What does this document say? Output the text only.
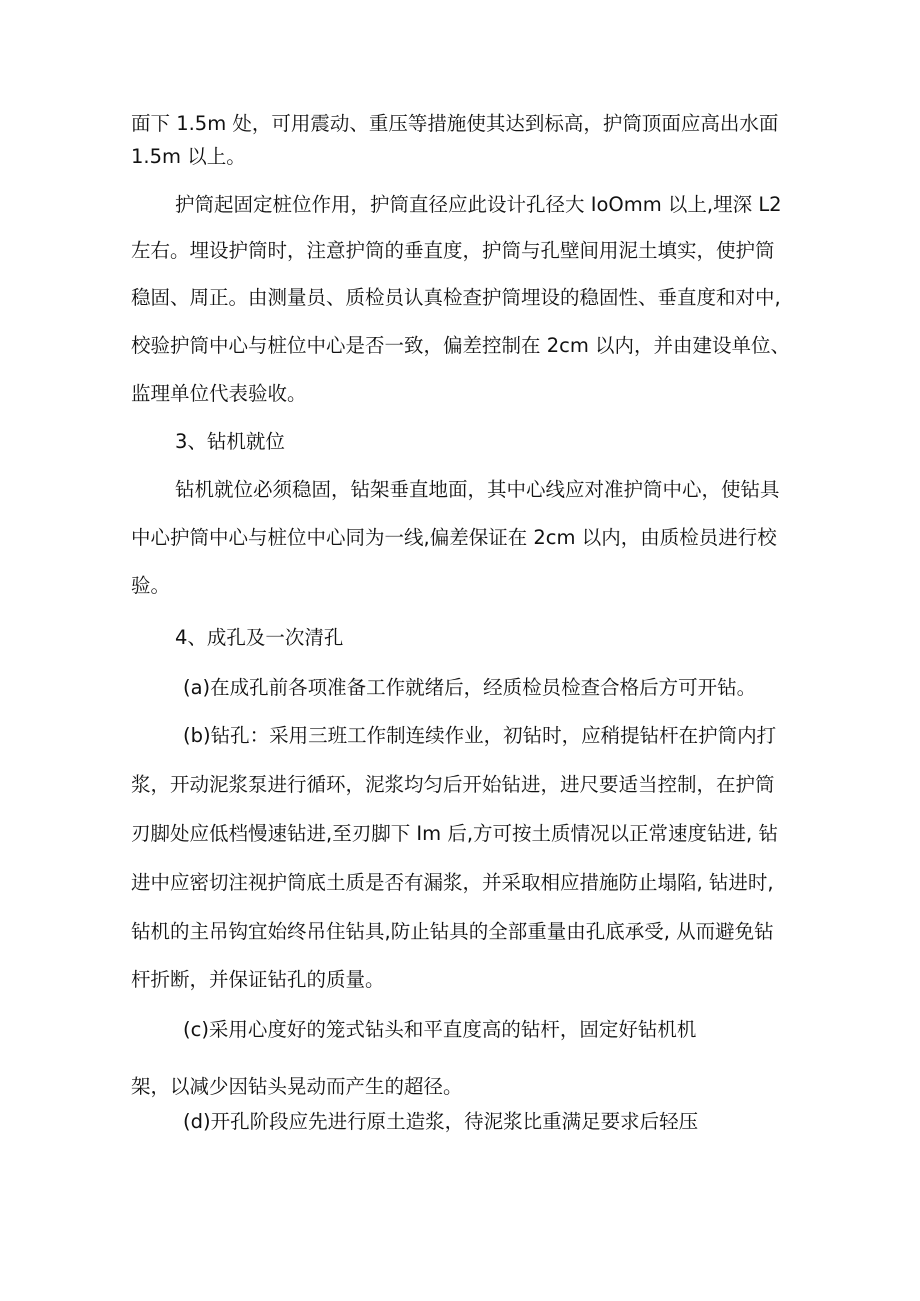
面下 1.5m 处，可用震动、重压等措施使其达到标高，护筒顶面应高出水面
1.5m 以上。
护筒起固定桩位作用，护筒直径应此设计孔径大 IoOmm 以上,埋深 L2
左右。埋设护筒时，注意护筒的垂直度，护筒与孔壁间用泥土填实，使护筒
稳固、周正。由测量员、质检员认真检查护筒埋设的稳固性、垂直度和对中,
校验护筒中心与桩位中心是否一致，偏差控制在 2cm 以内，并由建设单位、
监理单位代表验收。
3、钻机就位
钻机就位必须稳固，钻架垂直地面，其中心线应对准护筒中心，使钻具
中心护筒中心与桩位中心同为一线,偏差保证在 2cm 以内，由质检员进行校
验。
4、成孔及一次清孔
(a)在成孔前各项准备工作就绪后，经质检员检查合格后方可开钻。
(b)钻孔：采用三班工作制连续作业，初钻时，应稍提钻杆在护筒内打
浆，开动泥浆泵进行循环，泥浆均匀后开始钻进，进尺要适当控制，在护筒
刃脚处应低档慢速钻进,至刃脚下 Im 后,方可按土质情况以正常速度钻进, 钻
进中应密切注视护筒底土质是否有漏浆，并采取相应措施防止塌陷, 钻进时,
钻机的主吊钩宜始终吊住钻具,防止钻具的全部重量由孔底承受, 从而避免钻
杆折断，并保证钻孔的质量。
(c)采用心度好的笼式钻头和平直度高的钻杆，固定好钻机机
架，以减少因钻头晃动而产生的超径。
(d)开孔阶段应先进行原土造浆，待泥浆比重满足要求后轻压
